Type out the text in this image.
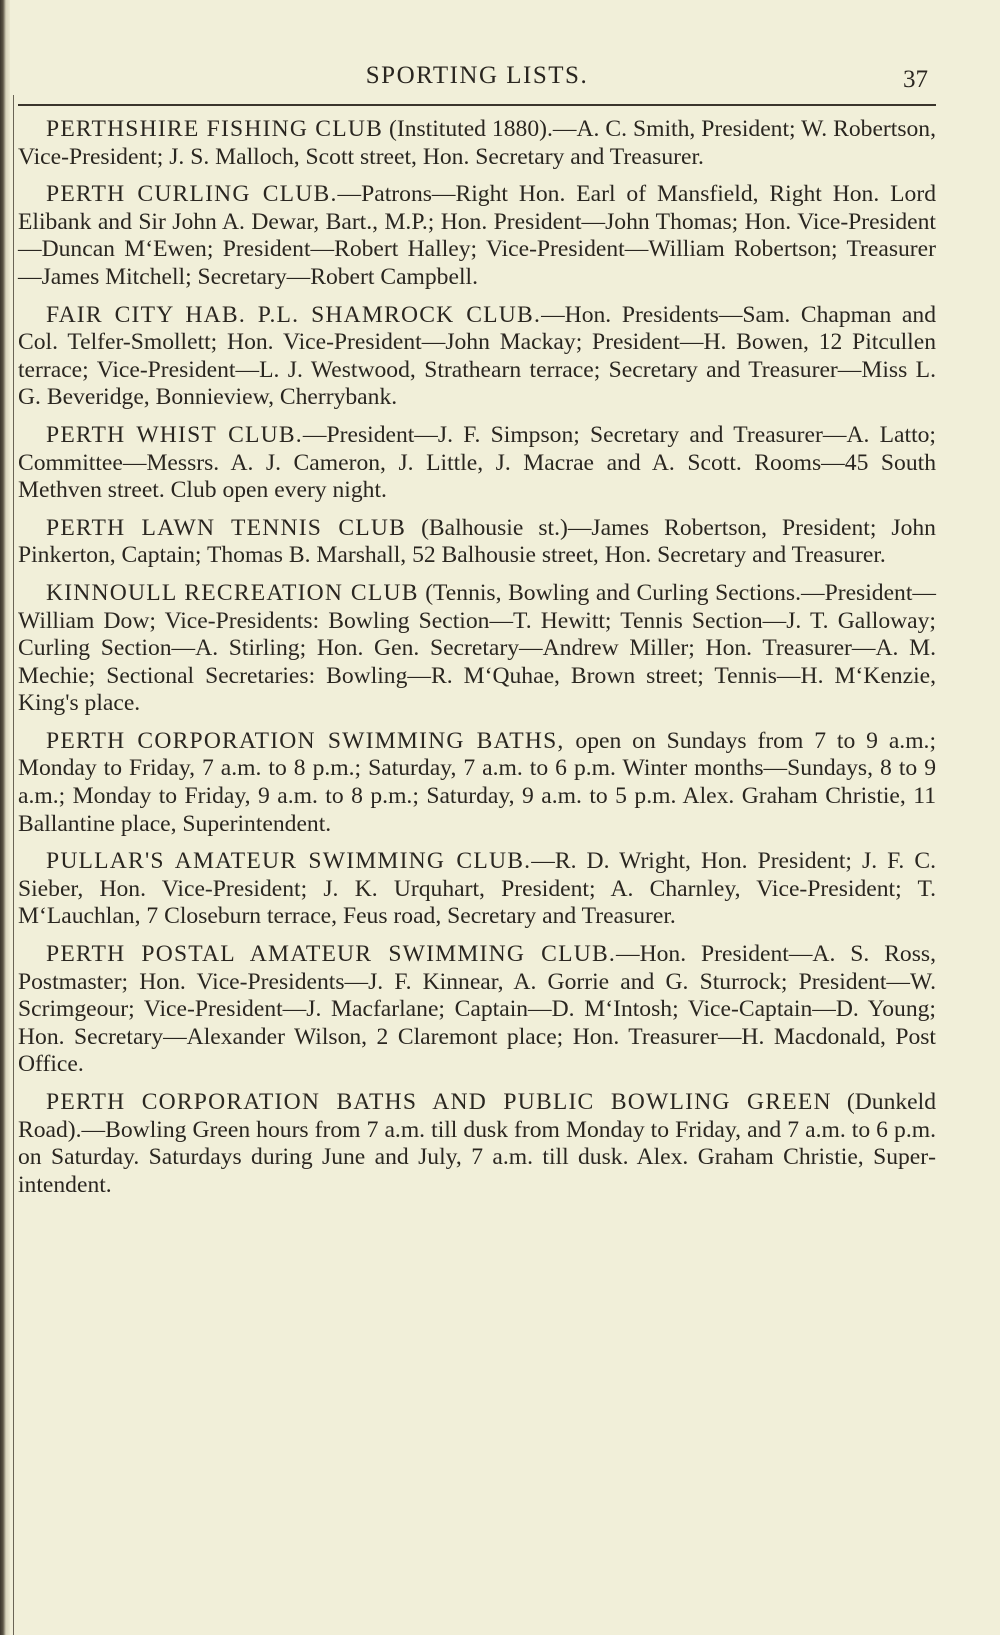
SPORTING LISTS.	37

PERTHSHIRE FISHING CLUB (Instituted 1880).—A. C. Smith, President; W. Robertson, Vice-President; J. S. Malloch, Scott street, Hon. Secretary and Treasurer.

PERTH CURLING CLUB.—Patrons—Right Hon. Earl of Mansfield, Right Hon. Lord Elibank and Sir John A. Dewar, Bart., M.P.; Hon. President—John Thomas; Hon. Vice-President—Duncan M‘Ewen; President—Robert Halley; Vice-President—William Robertson; Treasurer—James Mitchell; Secretary—Robert Campbell.

FAIR CITY HAB. P.L. SHAMROCK CLUB.—Hon. Presidents—Sam. Chapman and Col. Telfer-Smollett; Hon. Vice-President—John Mackay; President—H. Bowen, 12 Pitcullen terrace; Vice-President—L. J. Westwood, Strathearn terrace; Secretary and Treasurer—Miss L. G. Beveridge, Bonnieview, Cherrybank.

PERTH WHIST CLUB.—President—J. F. Simpson; Secretary and Treasurer—A. Latto; Committee—Messrs. A. J. Cameron, J. Little, J. Macrae and A. Scott. Rooms—45 South Methven street. Club open every night.

PERTH LAWN TENNIS CLUB (Balhousie st.)—James Robertson, President; John Pinkerton, Captain; Thomas B. Marshall, 52 Balhousie street, Hon. Secretary and Treasurer.

KINNOULL RECREATION CLUB (Tennis, Bowling and Curling Sections.—President—William Dow; Vice-Presidents: Bowling Section—T. Hewitt; Tennis Section—J. T. Galloway; Curling Section—A. Stirling; Hon. Gen. Secretary—Andrew Miller; Hon. Treasurer—A. M. Mechie; Sectional Secretaries: Bowling—R. M‘Quhae, Brown street; Tennis—H. M‘Kenzie, King's place.

PERTH CORPORATION SWIMMING BATHS, open on Sundays from 7 to 9 a.m.; Monday to Friday, 7 a.m. to 8 p.m.; Saturday, 7 a.m. to 6 p.m. Winter months—Sundays, 8 to 9 a.m.; Monday to Friday, 9 a.m. to 8 p.m.; Saturday, 9 a.m. to 5 p.m. Alex. Graham Christie, 11 Ballantine place, Superintendent.

PULLAR'S AMATEUR SWIMMING CLUB.—R. D. Wright, Hon. President; J. F. C. Sieber, Hon. Vice-President; J. K. Urquhart, President; A. Charnley, Vice-President; T. M‘Lauchlan, 7 Closeburn terrace, Feus road, Secretary and Treasurer.

PERTH POSTAL AMATEUR SWIMMING CLUB.—Hon. President—A. S. Ross, Postmaster; Hon. Vice-Presidents—J. F. Kinnear, A. Gorrie and G. Sturrock; President—W. Scrimgeour; Vice-President—J. Macfarlane; Captain—D. M‘Intosh; Vice-Captain—D. Young; Hon. Secretary—Alexander Wilson, 2 Claremont place; Hon. Treasurer—H. Macdonald, Post Office.

PERTH CORPORATION BATHS AND PUBLIC BOWLING GREEN (Dunkeld Road).—Bowling Green hours from 7 a.m. till dusk from Monday to Friday, and 7 a.m. to 6 p.m. on Saturday. Saturdays during June and July, 7 a.m. till dusk. Alex. Graham Christie, Superintendent.
